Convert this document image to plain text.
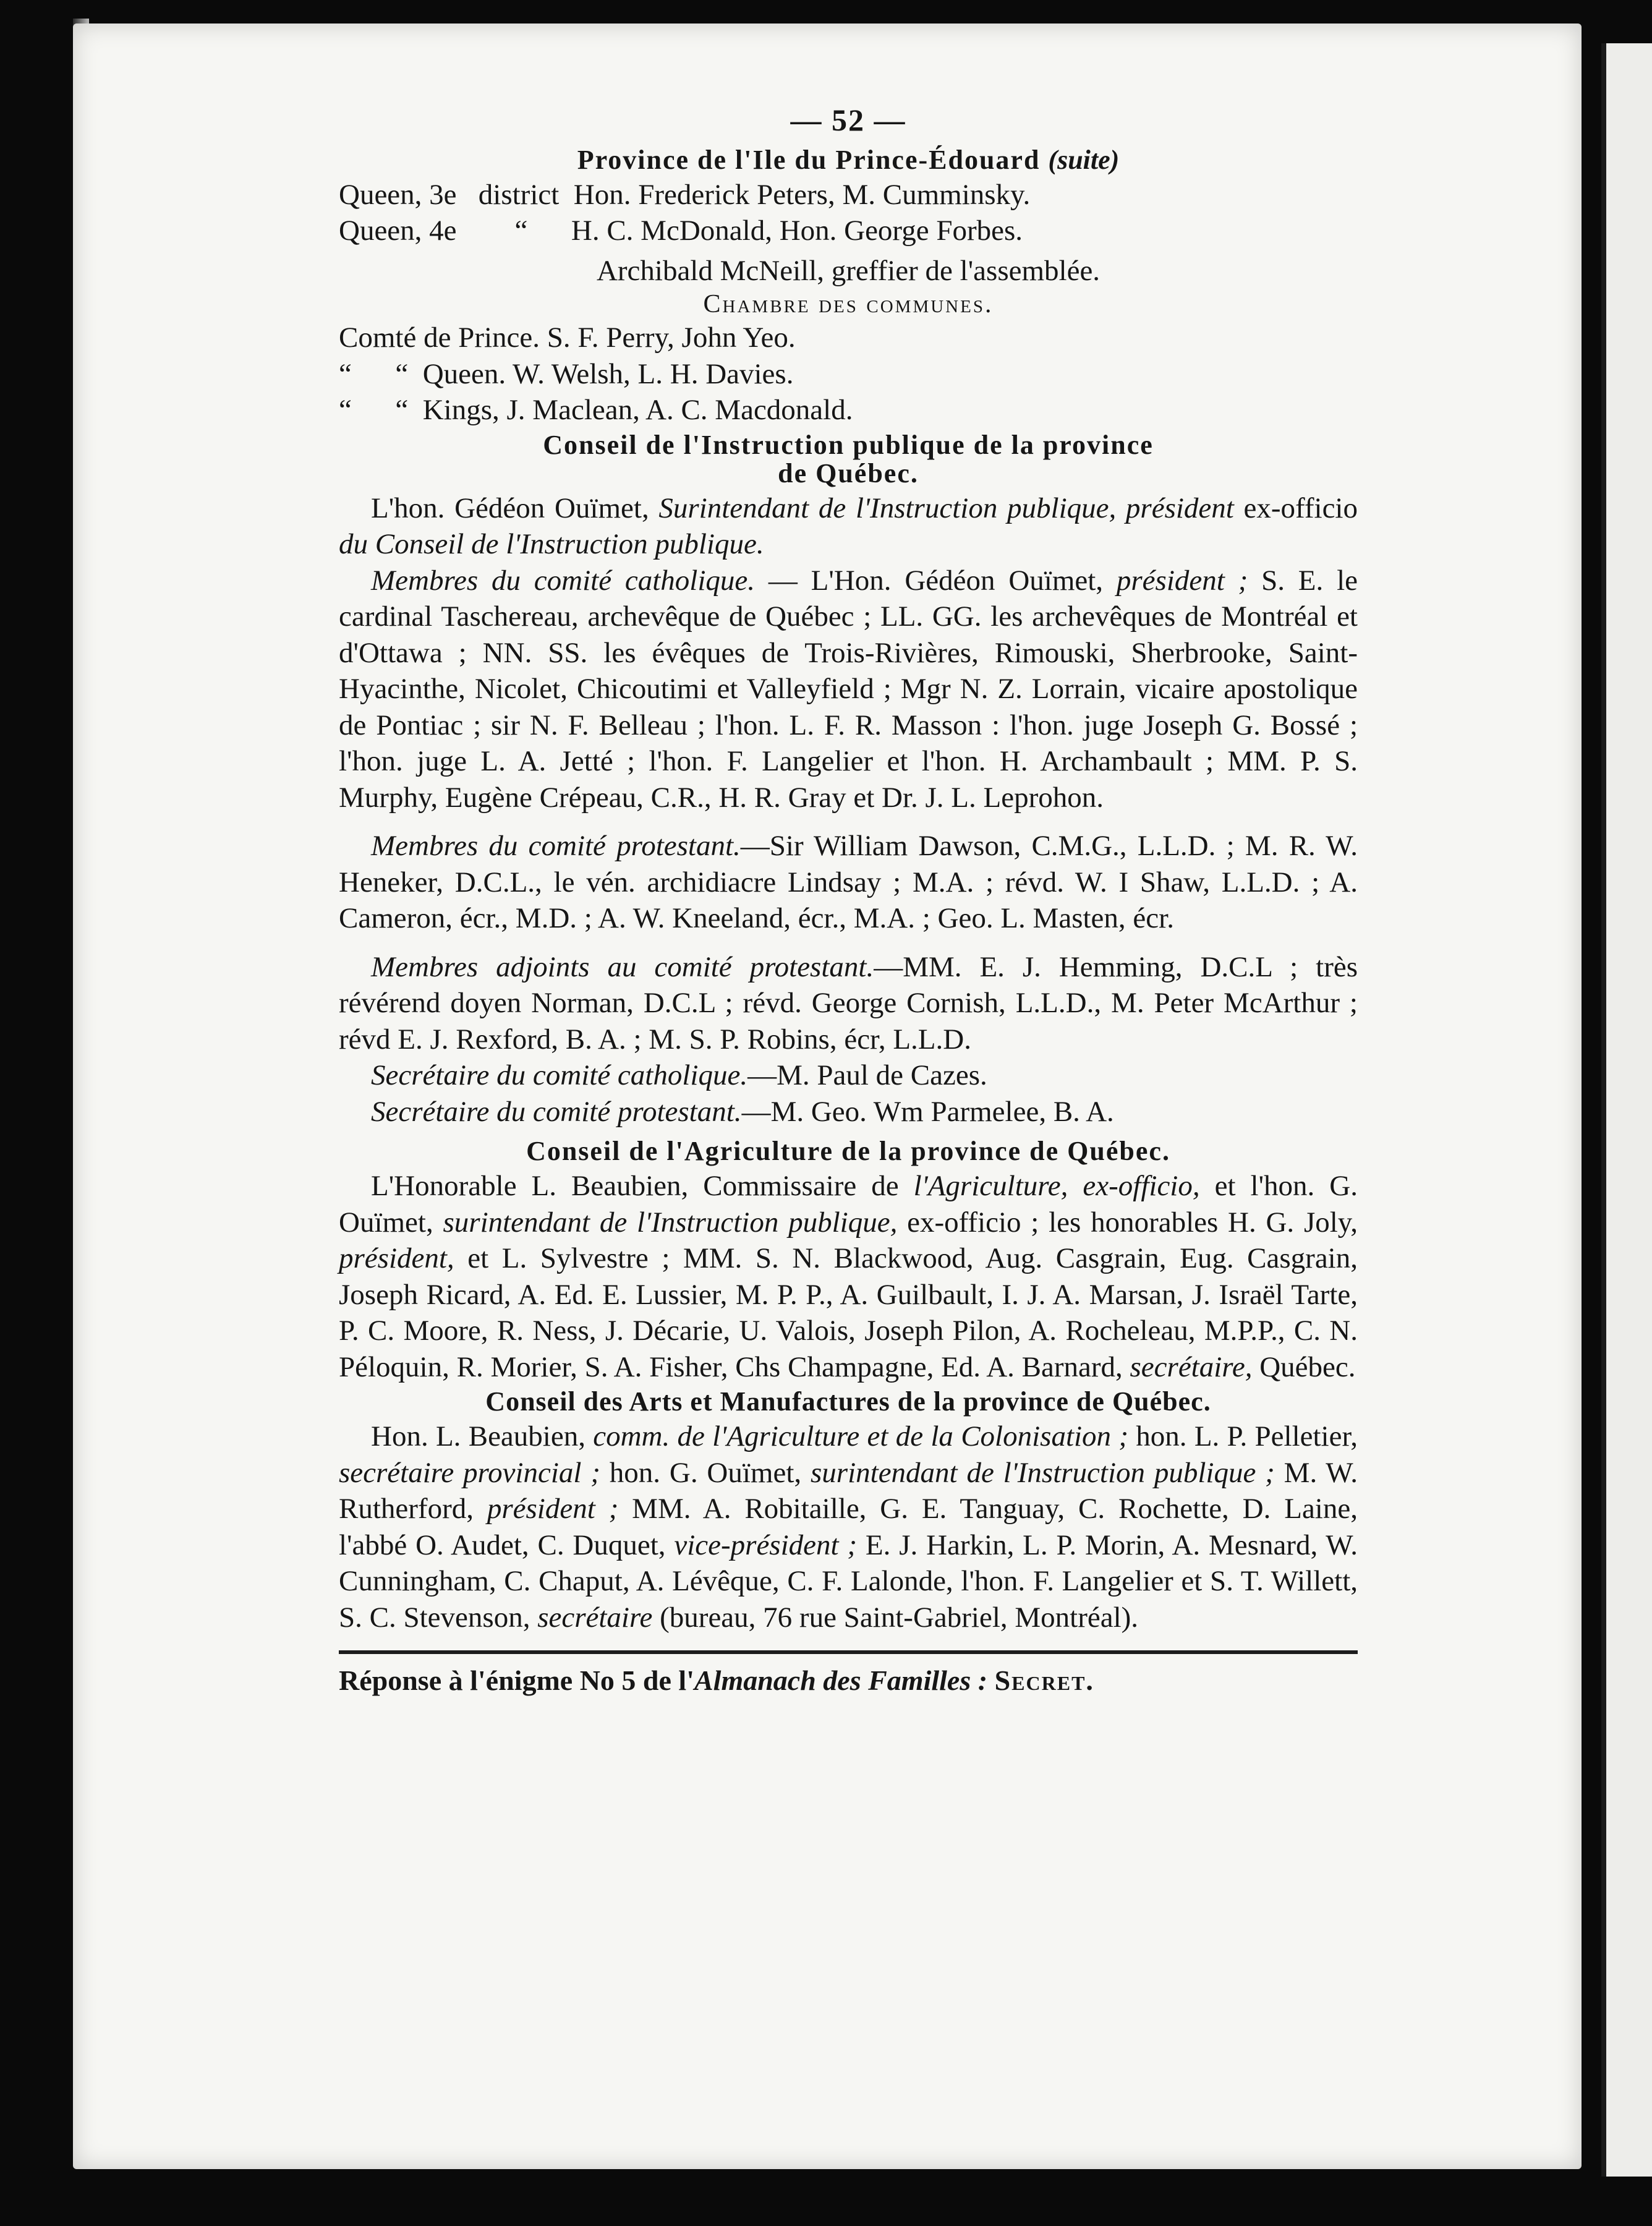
— 52 —

Province de l'Ile du Prince-Édouard (suite)

Queen, 3e   district  Hon. Frederick Peters, M. Cumminsky.

Queen, 4e        “      H. C. McDonald, Hon. George Forbes.

Archibald McNeill, greffier de l'assemblée.

Chambre des communes.

Comté de Prince. S. F. Perry, John Yeo.

“      “  Queen. W. Welsh, L. H. Davies.

“      “  Kings, J. Maclean, A. C. Macdonald.

Conseil de l'Instruction publique de la province

de Québec.

L'hon. Gédéon Ouïmet, Surintendant de l'Instruction publique, président ex-officio du Conseil de l'Instruction publique.

Membres du comité catholique. — L'Hon. Gédéon Ouïmet, président ; S. E. le cardinal Taschereau, archevêque de Québec ; LL. GG. les archevêques de Montréal et d'Ottawa ; NN. SS. les évêques de Trois-Rivières, Rimouski, Sherbrooke, Saint-Hyacinthe, Nicolet, Chicoutimi et Valleyfield ; Mgr N. Z. Lorrain, vicaire apostolique de Pontiac ; sir N. F. Belleau ; l'hon. L. F. R. Masson : l'hon. juge Joseph G. Bossé ; l'hon. juge L. A. Jetté ; l'hon. F. Langelier et l'hon. H. Archambault ; MM. P. S. Murphy, Eugène Crépeau, C.R., H. R. Gray et Dr. J. L. Leprohon.

Membres du comité protestant.—Sir William Dawson, C.M.G., L.L.D. ; M. R. W. Heneker, D.C.L., le vén. archidiacre Lindsay ; M.A. ; révd. W. I Shaw, L.L.D. ; A. Cameron, écr., M.D. ; A. W. Kneeland, écr., M.A. ; Geo. L. Masten, écr.

Membres adjoints au comité protestant.—MM. E. J. Hemming, D.C.L ; très révérend doyen Norman, D.C.L ; révd. George Cornish, L.L.D., M. Peter McArthur ; révd E. J. Rexford, B. A. ; M. S. P. Robins, écr, L.L.D.

Secrétaire du comité catholique.—M. Paul de Cazes.

Secrétaire du comité protestant.—M. Geo. Wm Parmelee, B. A.

Conseil de l'Agriculture de la province de Québec.

L'Honorable L. Beaubien, Commissaire de l'Agriculture, ex-officio, et l'hon. G. Ouïmet, surintendant de l'Instruction publique, ex-officio ; les honorables H. G. Joly, président, et L. Sylvestre ; MM. S. N. Blackwood, Aug. Casgrain, Eug. Casgrain, Joseph Ricard, A. Ed. E. Lussier, M. P. P., A. Guilbault, I. J. A. Marsan, J. Israël Tarte, P. C. Moore, R. Ness, J. Décarie, U. Valois, Joseph Pilon, A. Rocheleau, M.P.P., C. N. Péloquin, R. Morier, S. A. Fisher, Chs Champagne, Ed. A. Barnard, secrétaire, Québec.

Conseil des Arts et Manufactures de la province de Québec.

Hon. L. Beaubien, comm. de l'Agriculture et de la Colonisation ; hon. L. P. Pelletier, secrétaire provincial ; hon. G. Ouïmet, surintendant de l'Instruction publique ; M. W. Rutherford, président ; MM. A. Robitaille, G. E. Tanguay, C. Rochette, D. Laine, l'abbé O. Audet, C. Duquet, vice-président ; E. J. Harkin, L. P. Morin, A. Mesnard, W. Cunningham, C. Chaput, A. Lévêque, C. F. Lalonde, l'hon. F. Langelier et S. T. Willett, S. C. Stevenson, secrétaire (bureau, 76 rue Saint-Gabriel, Montréal).

Réponse à l'énigme No 5 de l'Almanach des Familles : Secret.
